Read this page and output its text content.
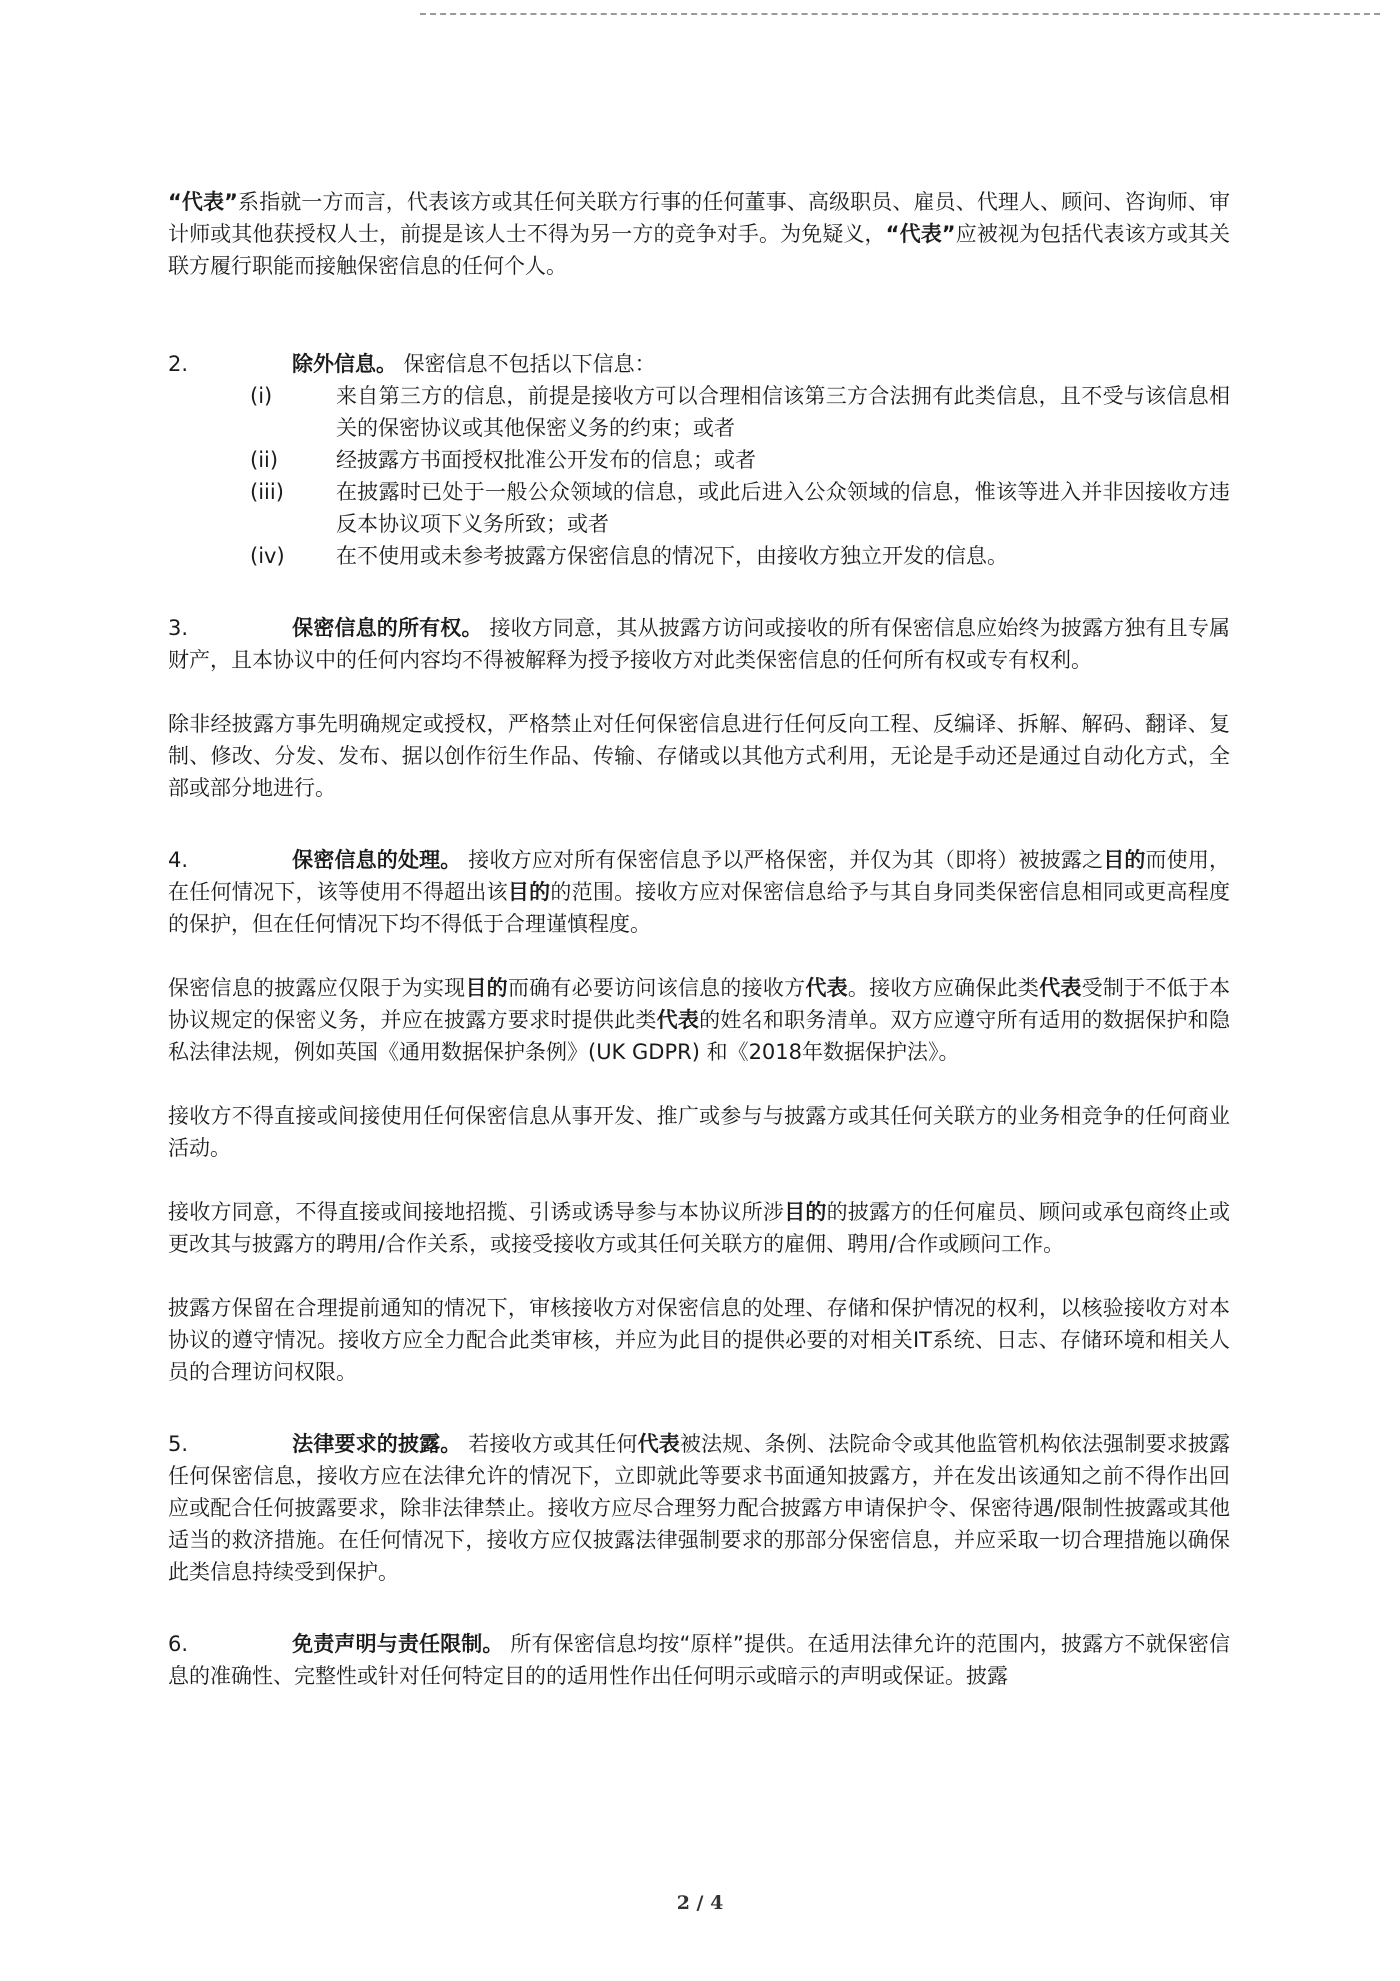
“代表”系指就一方而言，代表该方或其任何关联方行事的任何董事、高级职员、雇员、代理人、顾问、咨询师、审计师或其他获授权人士，前提是该人士不得为另一方的竞争对手。为免疑义，“代表”应被视为包括代表该方或其关联方履行职能而接触保密信息的任何个人。

2.	除外信息。 保密信息不包括以下信息：
(i)	来自第三方的信息，前提是接收方可以合理相信该第三方合法拥有此类信息，且不受与该信息相关的保密协议或其他保密义务的约束；或者
(ii)	经披露方书面授权批准公开发布的信息；或者
(iii)	在披露时已处于一般公众领域的信息，或此后进入公众领域的信息，惟该等进入并非因接收方违反本协议项下义务所致；或者
(iv)	在不使用或未参考披露方保密信息的情况下，由接收方独立开发的信息。

3.	保密信息的所有权。 接收方同意，其从披露方访问或接收的所有保密信息应始终为披露方独有且专属财产，且本协议中的任何内容均不得被解释为授予接收方对此类保密信息的任何所有权或专有权利。

除非经披露方事先明确规定或授权，严格禁止对任何保密信息进行任何反向工程、反编译、拆解、解码、翻译、复制、修改、分发、发布、据以创作衍生作品、传输、存储或以其他方式利用，无论是手动还是通过自动化方式，全部或部分地进行。

4.	保密信息的处理。 接收方应对所有保密信息予以严格保密，并仅为其（即将）被披露之目的而使用，在任何情况下，该等使用不得超出该目的的范围。接收方应对保密信息给予与其自身同类保密信息相同或更高程度的保护，但在任何情况下均不得低于合理谨慎程度。

保密信息的披露应仅限于为实现目的而确有必要访问该信息的接收方代表。接收方应确保此类代表受制于不低于本协议规定的保密义务，并应在披露方要求时提供此类代表的姓名和职务清单。双方应遵守所有适用的数据保护和隐私法律法规，例如英国《通用数据保护条例》(UK GDPR) 和《2018年数据保护法》。

接收方不得直接或间接使用任何保密信息从事开发、推广或参与与披露方或其任何关联方的业务相竞争的任何商业活动。

接收方同意，不得直接或间接地招揽、引诱或诱导参与本协议所涉目的的披露方的任何雇员、顾问或承包商终止或更改其与披露方的聘用/合作关系，或接受接收方或其任何关联方的雇佣、聘用/合作或顾问工作。

披露方保留在合理提前通知的情况下，审核接收方对保密信息的处理、存储和保护情况的权利，以核验接收方对本协议的遵守情况。接收方应全力配合此类审核，并应为此目的提供必要的对相关IT系统、日志、存储环境和相关人员的合理访问权限。

5.	法律要求的披露。 若接收方或其任何代表被法规、条例、法院命令或其他监管机构依法强制要求披露任何保密信息，接收方应在法律允许的情况下，立即就此等要求书面通知披露方，并在发出该通知之前不得作出回应或配合任何披露要求，除非法律禁止。接收方应尽合理努力配合披露方申请保护令、保密待遇/限制性披露或其他适当的救济措施。在任何情况下，接收方应仅披露法律强制要求的那部分保密信息，并应采取一切合理措施以确保此类信息持续受到保护。

6.	免责声明与责任限制。 所有保密信息均按“原样”提供。在适用法律允许的范围内，披露方不就保密信息的准确性、完整性或针对任何特定目的的适用性作出任何明示或暗示的声明或保证。披露

2 / 4
